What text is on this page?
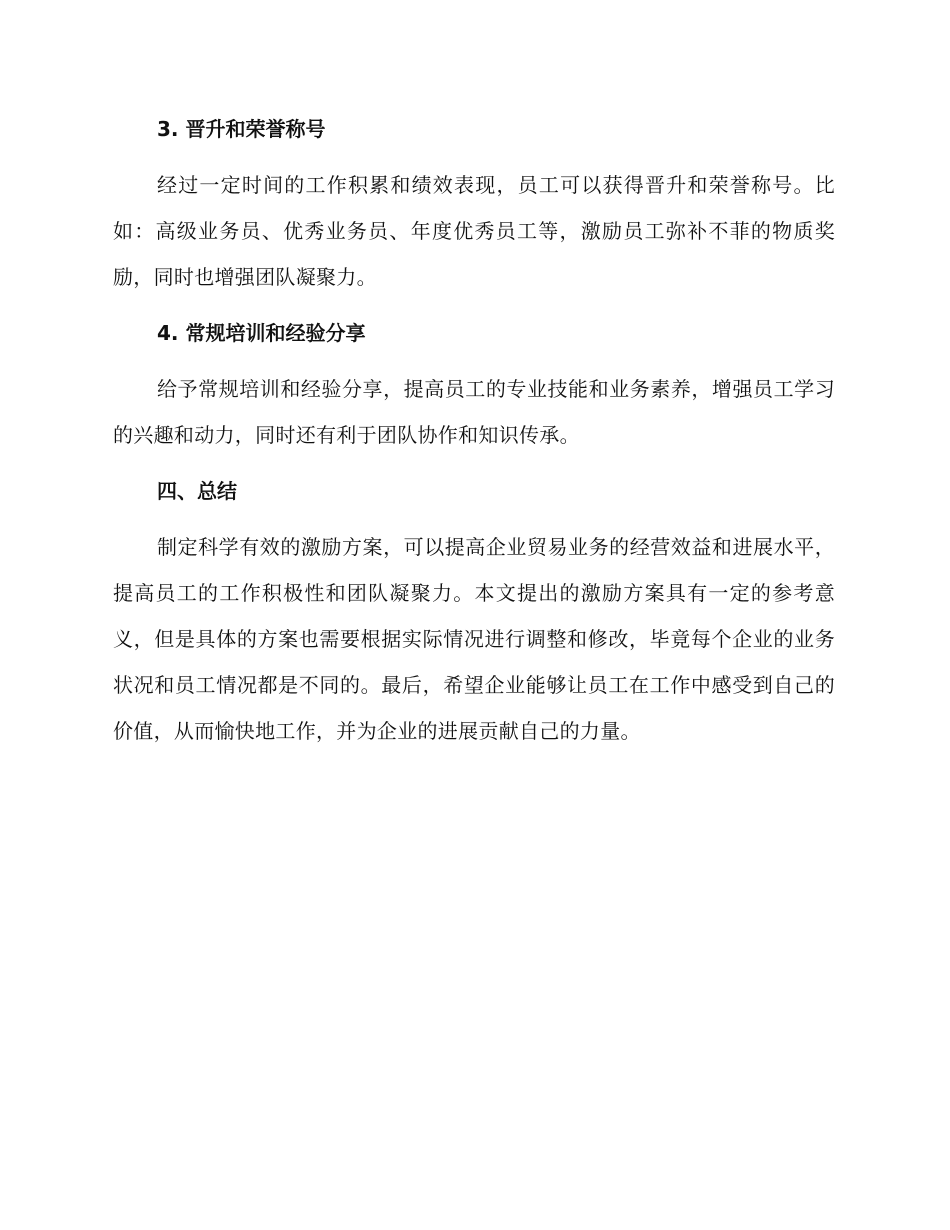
3. 晋升和荣誉称号

经过一定时间的工作积累和绩效表现，员工可以获得晋升和荣誉称号。比如：高级业务员、优秀业务员、年度优秀员工等，激励员工弥补不菲的物质奖励，同时也增强团队凝聚力。

4. 常规培训和经验分享

给予常规培训和经验分享，提高员工的专业技能和业务素养，增强员工学习的兴趣和动力，同时还有利于团队协作和知识传承。

四、总结

制定科学有效的激励方案，可以提高企业贸易业务的经营效益和进展水平，提高员工的工作积极性和团队凝聚力。本文提出的激励方案具有一定的参考意义，但是具体的方案也需要根据实际情况进行调整和修改，毕竟每个企业的业务状况和员工情况都是不同的。最后，希望企业能够让员工在工作中感受到自己的价值，从而愉快地工作，并为企业的进展贡献自己的力量。
